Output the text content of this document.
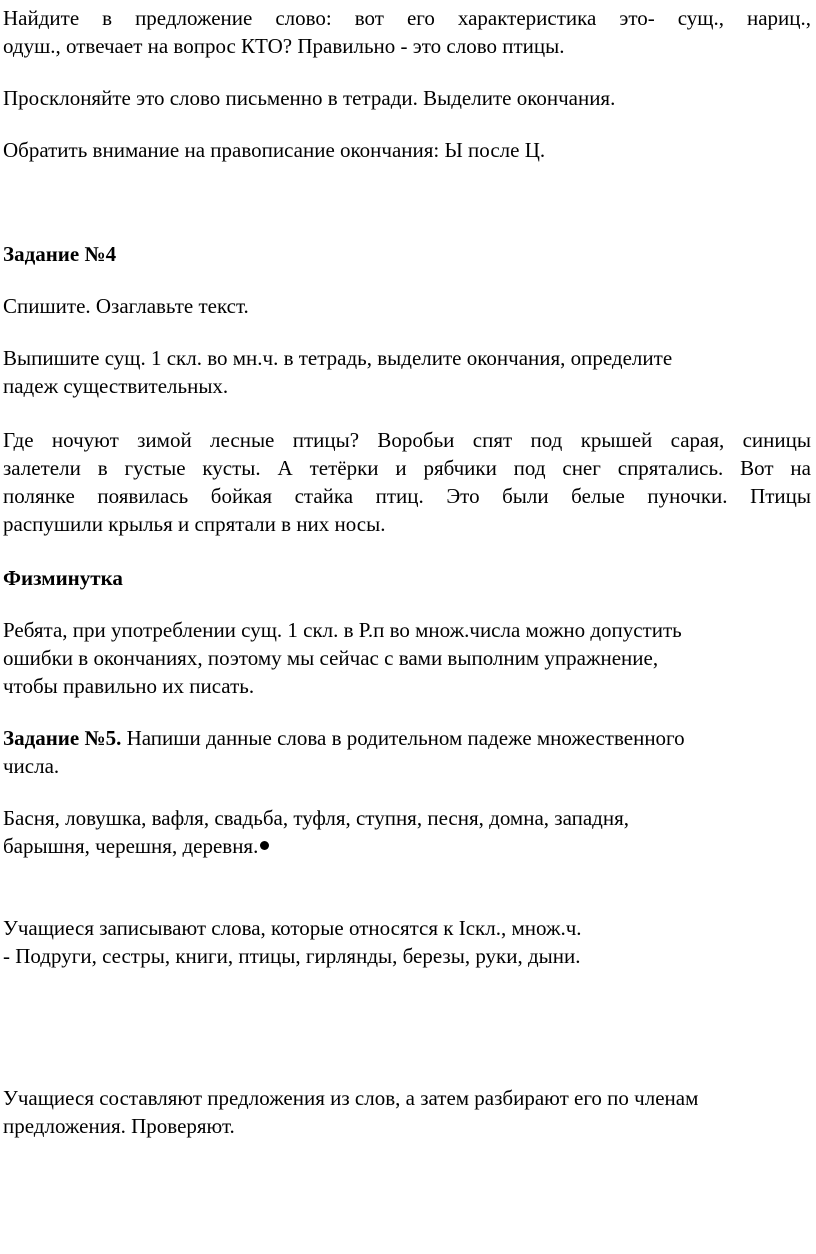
Найдите в предложение слово: вот его характеристика это- сущ., нариц.,
одуш., отвечает на вопрос КТО? Правильно - это слово птицы.

Просклоняйте это слово письменно в тетради. Выделите окончания.

Обратить внимание на правописание окончания: Ы после Ц.

Задание №4

Спишите. Озаглавьте текст.

Выпишите сущ. 1 скл. во мн.ч. в тетрадь, выделите окончания, определите
падеж существительных.

Где ночуют зимой лесные птицы? Воробьи спят под крышей сарая, синицы
залетели в густые кусты. А тетёрки и рябчики под снег спрятались. Вот на
полянке появилась бойкая стайка птиц. Это были белые пуночки. Птицы
распушили крылья и спрятали в них носы.

Физминутка

Ребята, при употреблении сущ. 1 скл. в Р.п во множ.числа можно допустить
ошибки в окончаниях, поэтому мы сейчас с вами выполним упражнение,
чтобы правильно их писать.

Задание №5. Напиши данные слова в родительном падеже множественного
числа.

Басня, ловушка, вафля, свадьба, туфля, ступня, песня, домна, западня,
барышня, черешня, деревня.

Учащиеся записывают слова, которые относятся к Iскл., множ.ч.
- Подруги, сестры, книги, птицы, гирлянды, березы, руки, дыни.

Учащиеся составляют предложения из слов, а затем разбирают его по членам
предложения. Проверяют.
